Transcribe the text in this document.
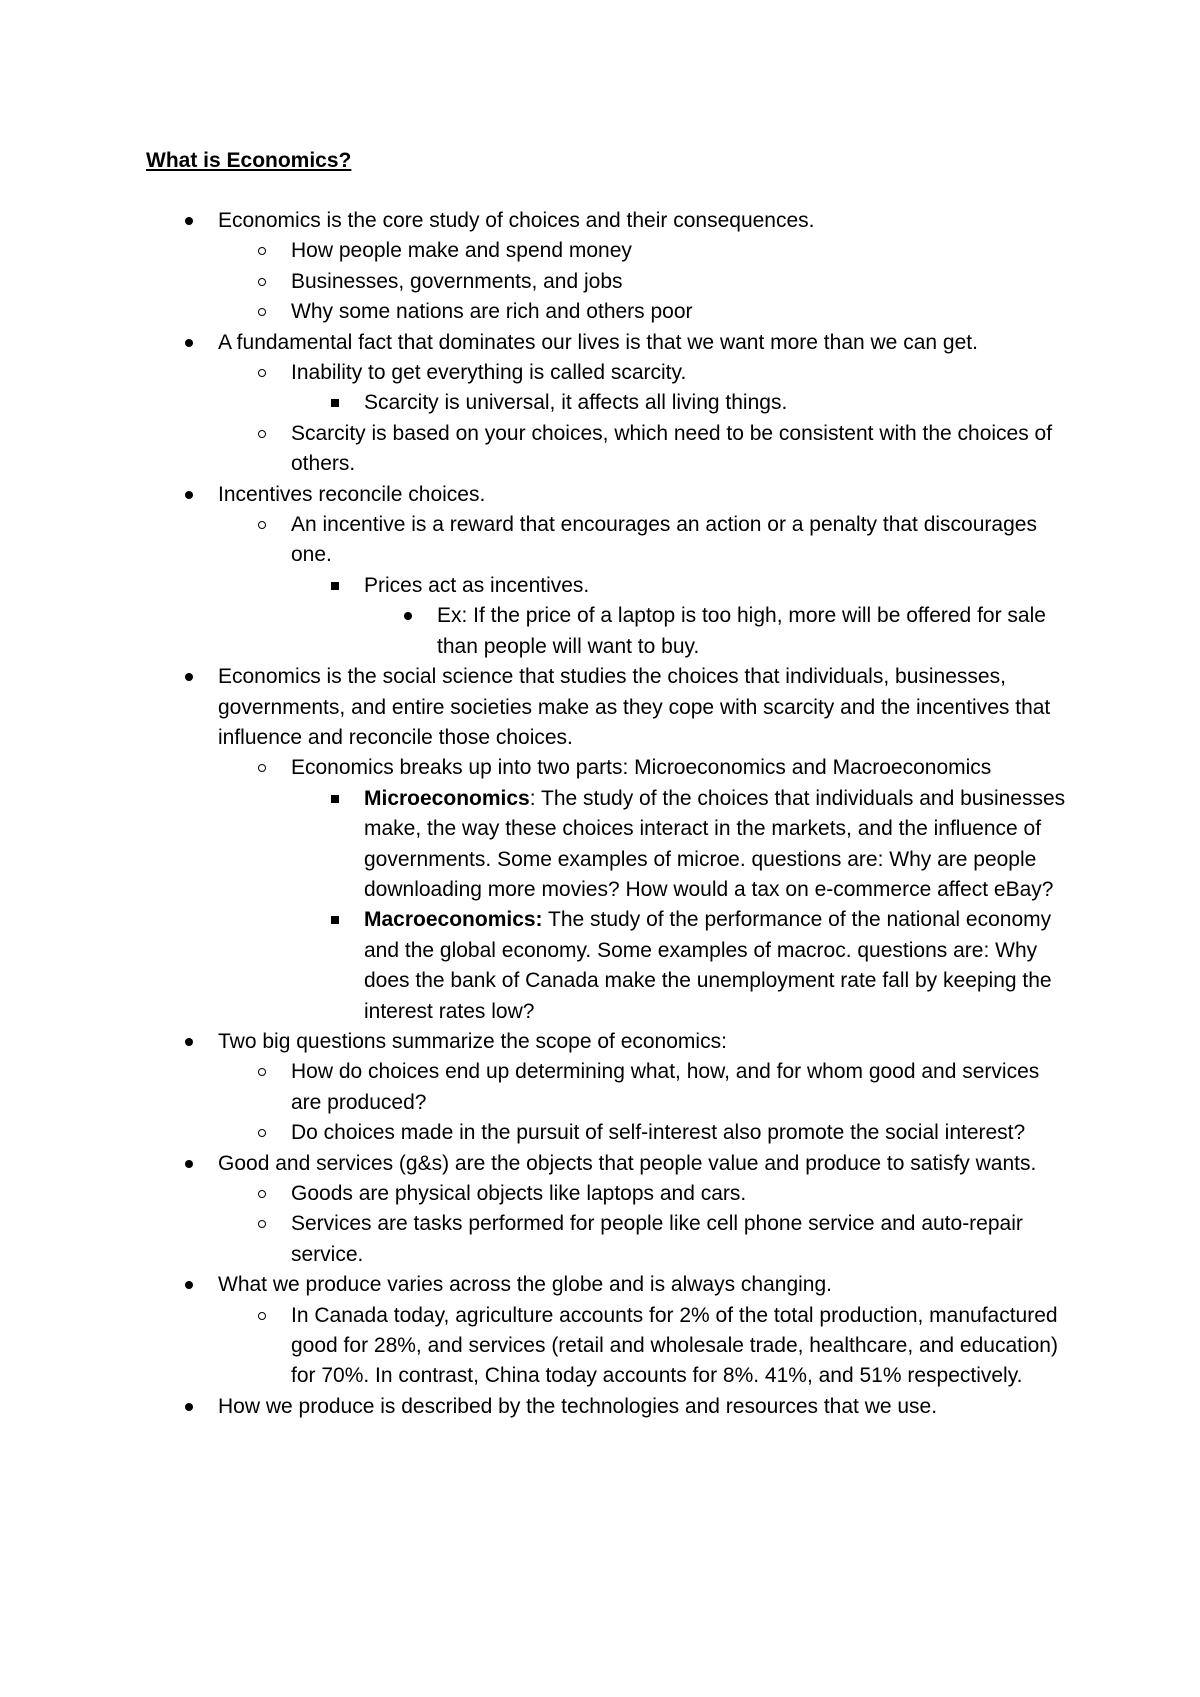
What is Economics?
Economics is the core study of choices and their consequences.
How people make and spend money
Businesses, governments, and jobs
Why some nations are rich and others poor
A fundamental fact that dominates our lives is that we want more than we can get.
Inability to get everything is called scarcity.
Scarcity is universal, it affects all living things.
Scarcity is based on your choices, which need to be consistent with the choices of others.
Incentives reconcile choices.
An incentive is a reward that encourages an action or a penalty that discourages one.
Prices act as incentives.
Ex: If the price of a laptop is too high, more will be offered for sale than people will want to buy.
Economics is the social science that studies the choices that individuals, businesses, governments, and entire societies make as they cope with scarcity and the incentives that influence and reconcile those choices.
Economics breaks up into two parts: Microeconomics and Macroeconomics
Microeconomics: The study of the choices that individuals and businesses make, the way these choices interact in the markets, and the influence of governments. Some examples of microe. questions are: Why are people downloading more movies? How would a tax on e-commerce affect eBay?
Macroeconomics: The study of the performance of the national economy and the global economy. Some examples of macroc. questions are: Why does the bank of Canada make the unemployment rate fall by keeping the interest rates low?
Two big questions summarize the scope of economics:
How do choices end up determining what, how, and for whom good and services are produced?
Do choices made in the pursuit of self-interest also promote the social interest?
Good and services (g&s) are the objects that people value and produce to satisfy wants.
Goods are physical objects like laptops and cars.
Services are tasks performed for people like cell phone service and auto-repair service.
What we produce varies across the globe and is always changing.
In Canada today, agriculture accounts for 2% of the total production, manufactured good for 28%, and services (retail and wholesale trade, healthcare, and education) for 70%. In contrast, China today accounts for 8%. 41%, and 51% respectively.
How we produce is described by the technologies and resources that we use.
